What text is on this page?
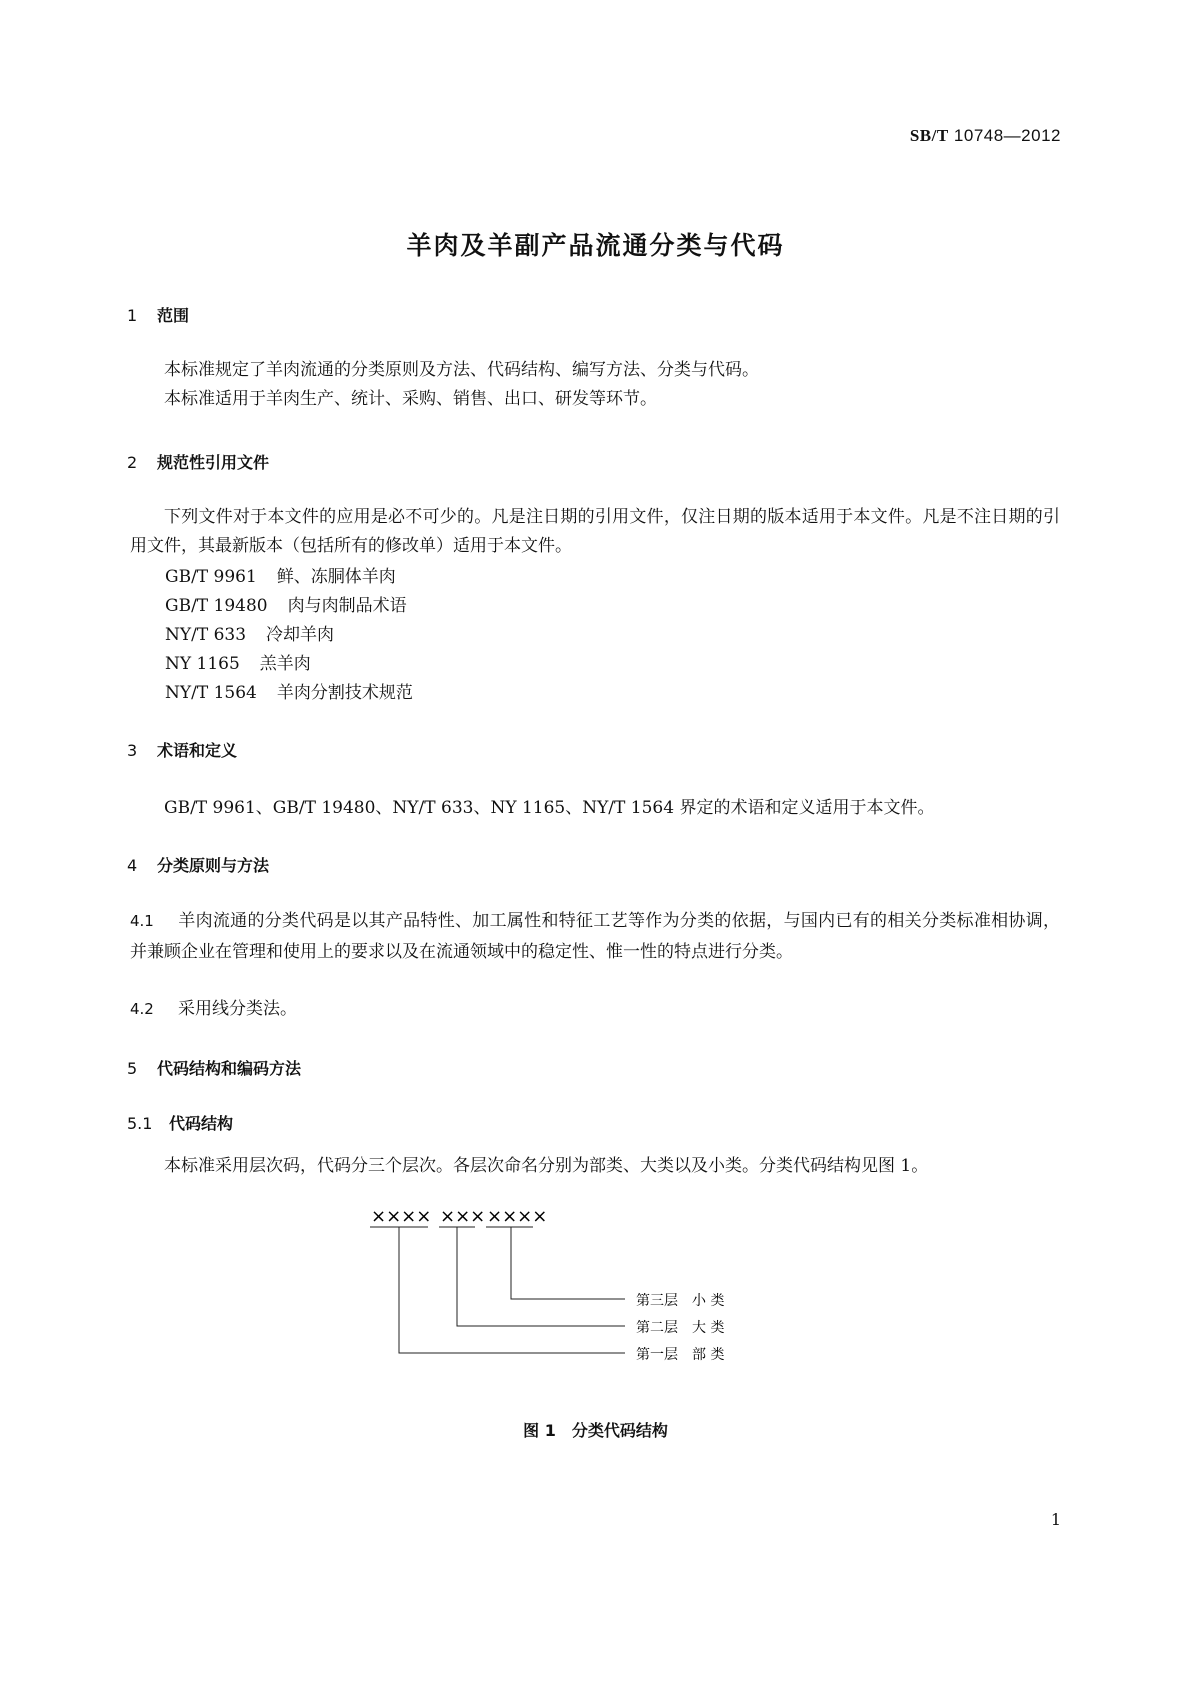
SB/T 10748—2012
羊肉及羊副产品流通分类与代码
1 范围
本标准规定了羊肉流通的分类原则及方法、代码结构、编写方法、分类与代码。
本标准适用于羊肉生产、统计、采购、销售、出口、研发等环节。
2 规范性引用文件
下列文件对于本文件的应用是必不可少的。凡是注日期的引用文件，仅注日期的版本适用于本文件。凡是不注日期的引用文件，其最新版本（包括所有的修改单）适用于本文件。
GB/T 9961 鲜、冻胴体羊肉
GB/T 19480 肉与肉制品术语
NY/T 633 冷却羊肉
NY 1165 羔羊肉
NY/T 1564 羊肉分割技术规范
3 术语和定义
GB/T 9961、GB/T 19480、NY/T 633、NY 1165、NY/T 1564 界定的术语和定义适用于本文件。
4 分类原则与方法
4.1 羊肉流通的分类代码是以其产品特性、加工属性和特征工艺等作为分类的依据，与国内已有的相关分类标准相协调，并兼顾企业在管理和使用上的要求以及在流通领域中的稳定性、惟一性的特点进行分类。
4.2 采用线分类法。
5 代码结构和编码方法
5.1 代码结构
本标准采用层次码，代码分三个层次。各层次命名分别为部类、大类以及小类。分类代码结构见图 1。
×××× ××× ××××
第三层　小 类
第二层　大 类
第一层　部 类
图 1　分类代码结构
1
